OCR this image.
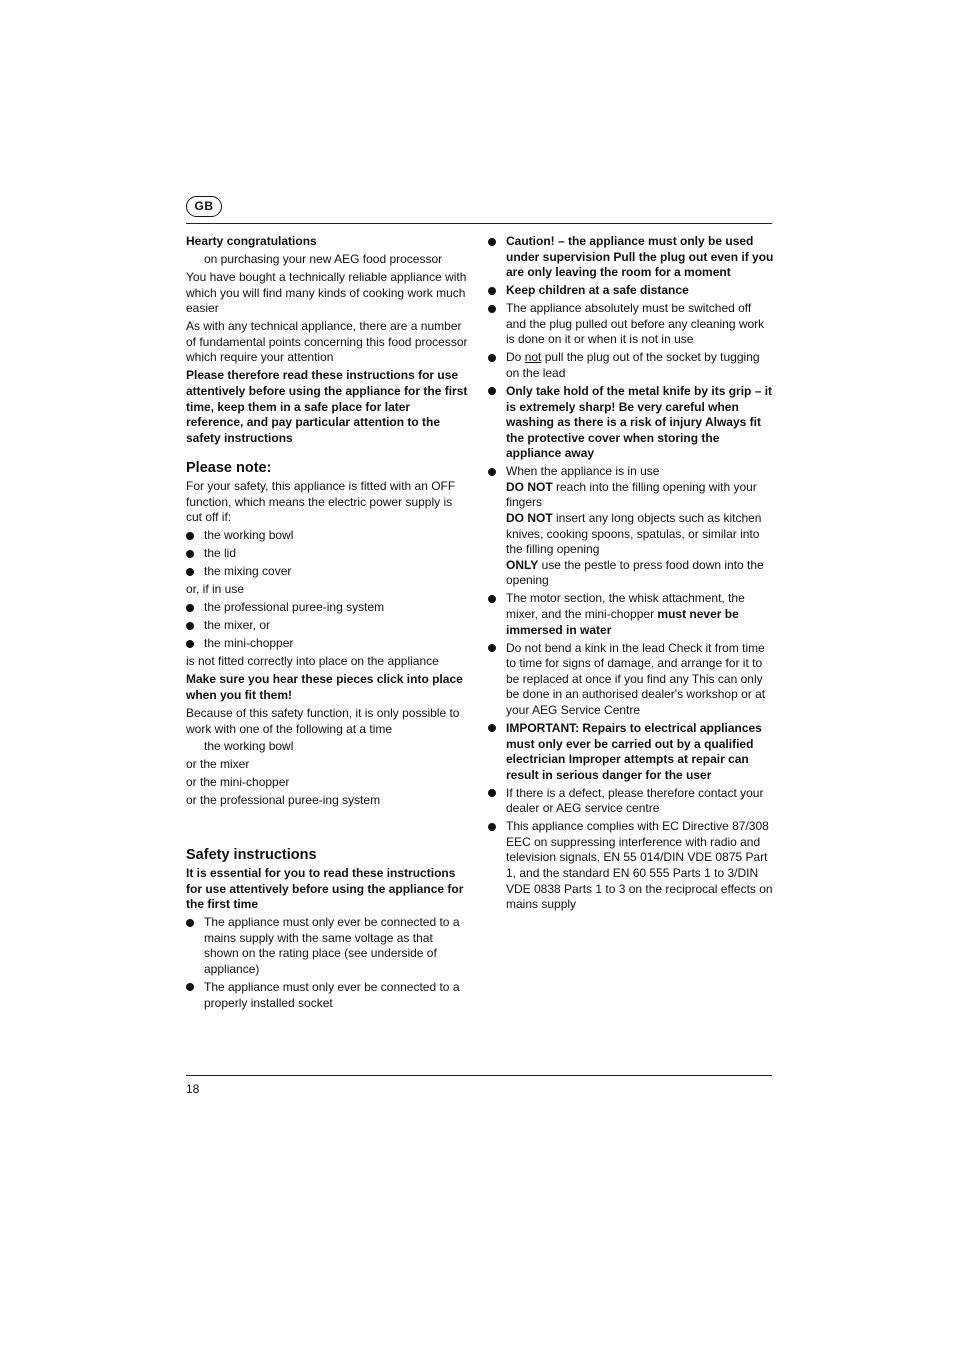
GB

Hearty congratulations

on purchasing your new AEG food processor

You have bought a technically reliable appliance with which you will find many kinds of cooking work much easier

As with any technical appliance, there are a number of fundamental points concerning this food processor which require your attention

Please therefore read these instructions for use attentively before using the appliance for the first time, keep them in a safe place for later reference, and pay particular attention to the safety instructions

Please note:

For your safety, this appliance is fitted with an OFF function, which means the electric power supply is cut off if:

the working bowl
the lid
the mixing cover

or, if in use

the professional puree-ing system
the mixer, or
the mini-chopper

is not fitted correctly into place on the appliance

Make sure you hear these pieces click into place when you fit them!

Because of this safety function, it is only possible to work with one of the following at a time

the working bowl

or the mixer

or the mini-chopper

or the professional puree-ing system

Safety instructions

It is essential for you to read these instructions for use attentively before using the appliance for the first time

The appliance must only ever be connected to a mains supply with the same voltage as that shown on the rating place (see underside of appliance)
The appliance must only ever be connected to a properly installed socket
Caution! – the appliance must only be used under supervision Pull the plug out even if you are only leaving the room for a moment
Keep children at a safe distance
The appliance absolutely must be switched off and the plug pulled out before any cleaning work is done on it or when it is not in use
Do not pull the plug out of the socket by tugging on the lead
Only take hold of the metal knife by its grip – it is extremely sharp! Be very careful when washing as there is a risk of injury Always fit the protective cover when storing the appliance away
When the appliance is in use
DO NOT reach into the filling opening with your fingers
DO NOT insert any long objects such as kitchen knives, cooking spoons, spatulas, or similar into the filling opening
ONLY use the pestle to press food down into the opening
The motor section, the whisk attachment, the mixer, and the mini-chopper must never be immersed in water
Do not bend a kink in the lead Check it from time to time for signs of damage, and arrange for it to be replaced at once if you find any This can only be done in an authorised dealer's workshop or at your AEG Service Centre
IMPORTANT: Repairs to electrical appliances must only ever be carried out by a qualified electrician Improper attempts at repair can result in serious danger for the user
If there is a defect, please therefore contact your dealer or AEG service centre
This appliance complies with EC Directive 87/308 EEC on suppressing interference with radio and television signals, EN 55 014/DIN VDE 0875 Part 1, and the standard EN 60 555 Parts 1 to 3/DIN VDE 0838 Parts 1 to 3 on the reciprocal effects on mains supply
18
